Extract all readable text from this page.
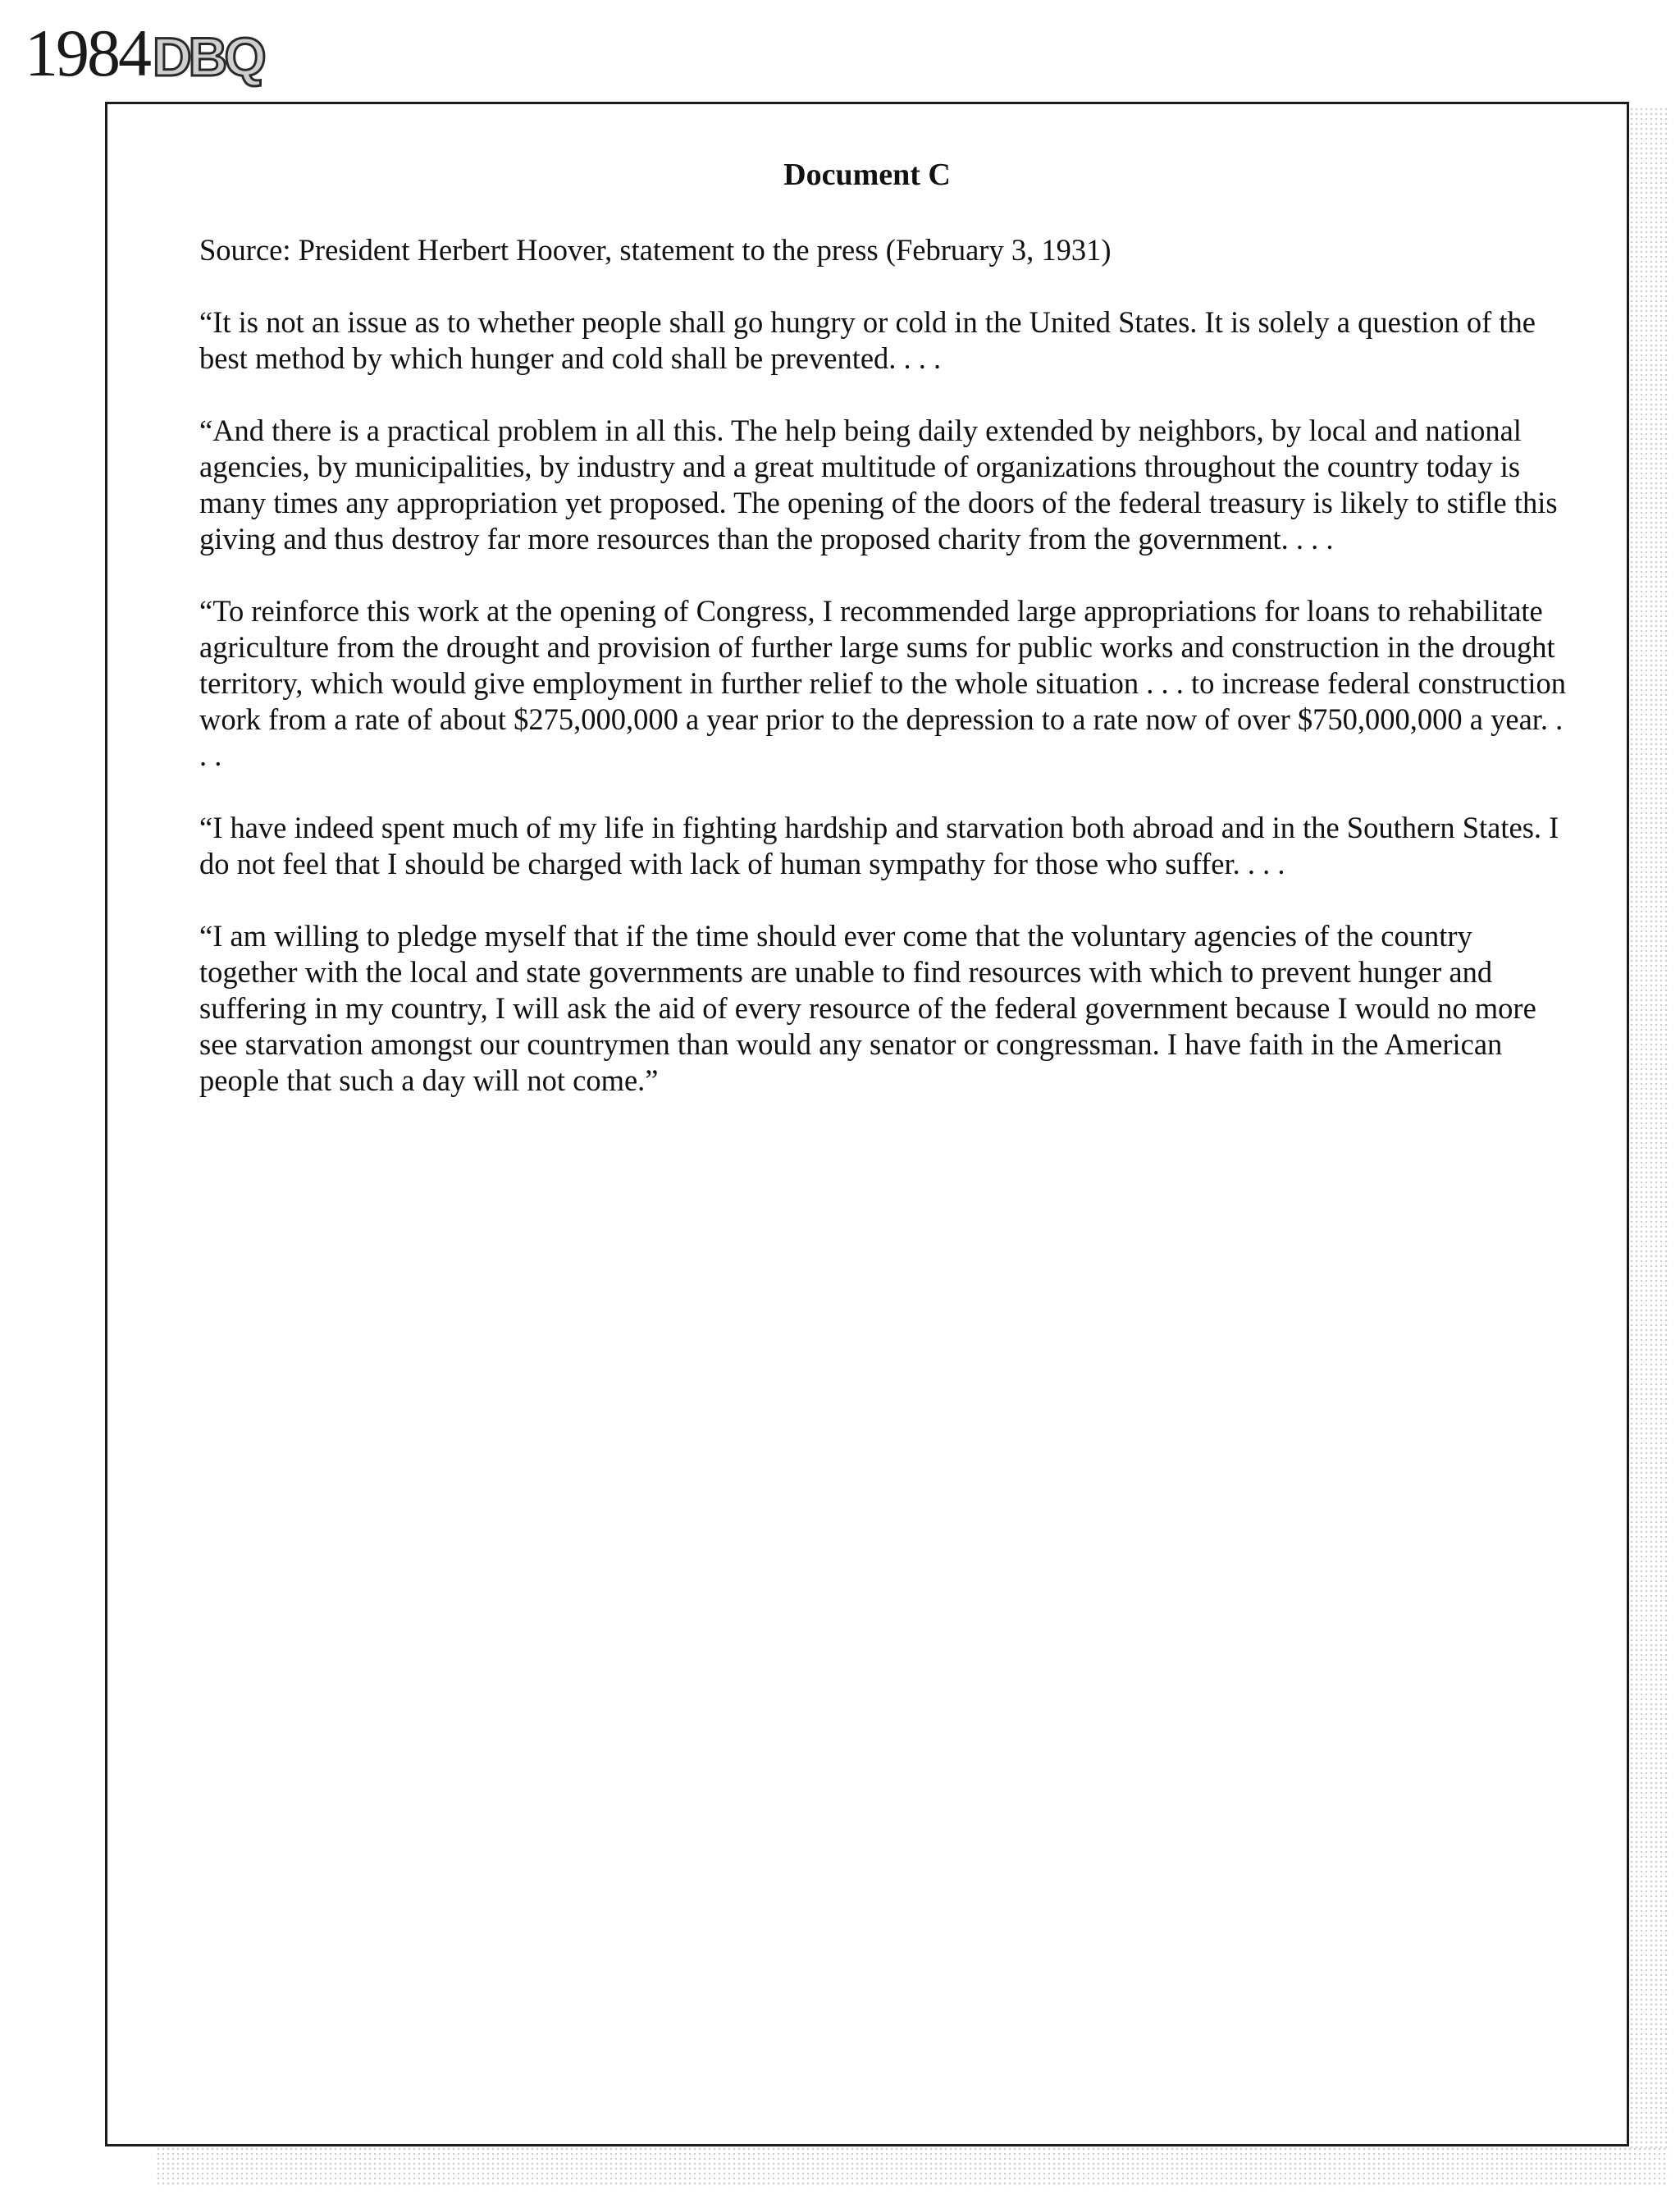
1984 DBQ
Document C

Source: President Herbert Hoover, statement to the press (February 3, 1931)

“It is not an issue as to whether people shall go hungry or cold in the United States. It is solely a question of the best method by which hunger and cold shall be prevented. . . .

“And there is a practical problem in all this. The help being daily extended by neighbors, by local and national agencies, by municipalities, by industry and a great multitude of organizations throughout the country today is many times any appropriation yet proposed. The opening of the doors of the federal treasury is likely to stifle this giving and thus destroy far more resources than the proposed charity from the government. . . .

“To reinforce this work at the opening of Congress, I recommended large appropriations for loans to rehabilitate agriculture from the drought and provision of further large sums for public works and construction in the drought territory, which would give employment in further relief to the whole situation . . . to increase federal construction work from a rate of about $275,000,000 a year prior to the depression to a rate now of over $750,000,000 a year. . . .

“I have indeed spent much of my life in fighting hardship and starvation both abroad and in the Southern States. I do not feel that I should be charged with lack of human sympathy for those who suffer. . . .

“I am willing to pledge myself that if the time should ever come that the voluntary agencies of the country together with the local and state governments are unable to find resources with which to prevent hunger and suffering in my country, I will ask the aid of every resource of the federal government because I would no more see starvation amongst our countrymen than would any senator or congressman. I have faith in the American people that such a day will not come.”
